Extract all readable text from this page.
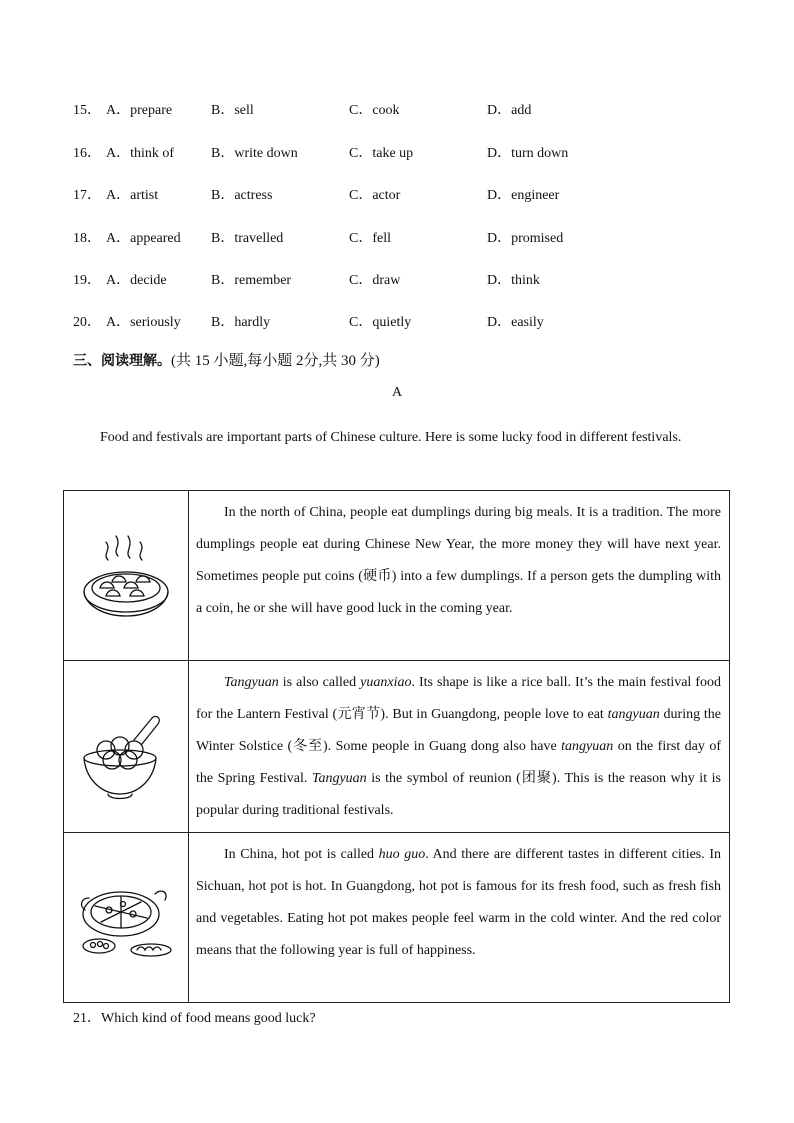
15． A．prepare	B．sell	C．cook	D．add
16． A．think of	B．write down	C．take up	D．turn down
17． A．artist	B．actress	C．actor	D．engineer
18． A．appeared B．travelled	C．fell	D．promised
19． A．decide	B．remember	C．draw	D．think
20． A．seriously B．hardly	C．quietly	D．easily
三、阅读理解。(共 15 小题,每小题 2分,共 30 分)
A
Food and festivals are important parts of Chinese culture. Here is some lucky food in different festivals.
	In the north of China, people eat dumplings during big meals. It is a tradition. The more dumplings people eat during Chinese New Year, the more money they will have next year. Sometimes people put coins (硬币) into a few dumplings. If a person gets the dumpling with a coin, he or she will have good luck in the coming year.

	Tangyuan is also called yuanxiao. Its shape is like a rice ball. It’s the main festival food for the Lantern Festival (元宵节). But in Guangdong, people love to eat tangyuan during the Winter Solstice (冬至). Some people in Guang dong also have tangyuan on the first day of the Spring Festival. Tangyuan is the symbol of reunion (团聚). This is the reason why it is popular during traditional festivals.

	In China, hot pot is called huo guo. And there are different tastes in different cities. In Sichuan, hot pot is hot. In Guangdong, hot pot is famous for its fresh food, such as fresh fish and vegetables. Eating hot pot makes people feel warm in the cold winter. And the red color means that the following year is full of happiness.
21．Which kind of food means good luck?
